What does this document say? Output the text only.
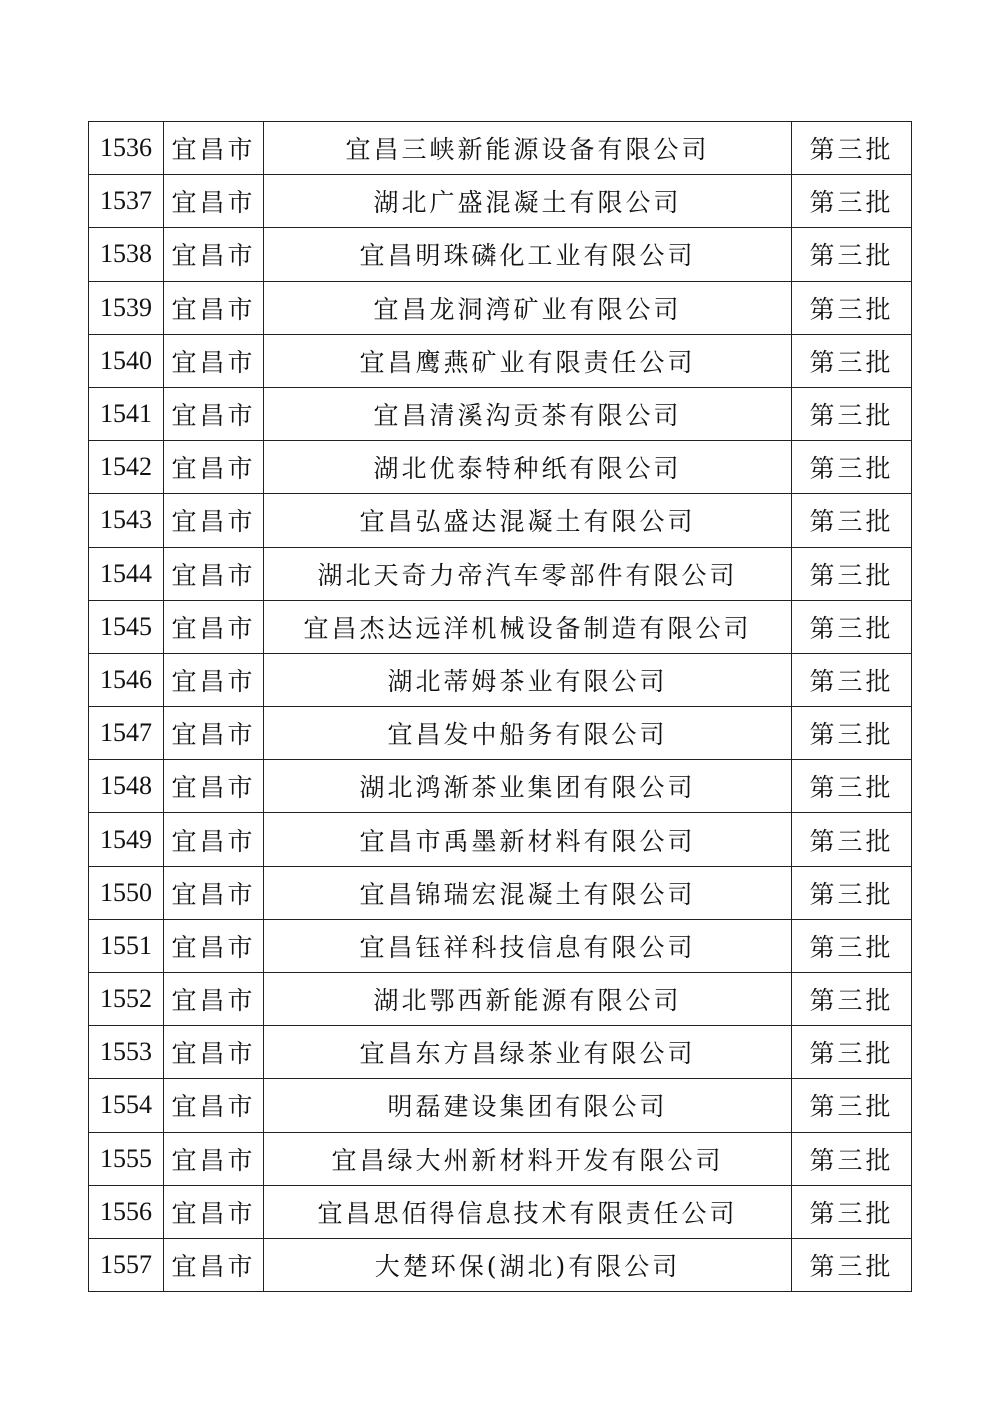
1536	宜昌市	宜昌三峡新能源设备有限公司	第三批
1537	宜昌市	湖北广盛混凝土有限公司	第三批
1538	宜昌市	宜昌明珠磷化工业有限公司	第三批
1539	宜昌市	宜昌龙洞湾矿业有限公司	第三批
1540	宜昌市	宜昌鹰燕矿业有限责任公司	第三批
1541	宜昌市	宜昌清溪沟贡茶有限公司	第三批
1542	宜昌市	湖北优泰特种纸有限公司	第三批
1543	宜昌市	宜昌弘盛达混凝土有限公司	第三批
1544	宜昌市	湖北天奇力帝汽车零部件有限公司	第三批
1545	宜昌市	宜昌杰达远洋机械设备制造有限公司	第三批
1546	宜昌市	湖北蒂姆茶业有限公司	第三批
1547	宜昌市	宜昌发中船务有限公司	第三批
1548	宜昌市	湖北鸿渐茶业集团有限公司	第三批
1549	宜昌市	宜昌市禹墨新材料有限公司	第三批
1550	宜昌市	宜昌锦瑞宏混凝土有限公司	第三批
1551	宜昌市	宜昌钰祥科技信息有限公司	第三批
1552	宜昌市	湖北鄂西新能源有限公司	第三批
1553	宜昌市	宜昌东方昌绿茶业有限公司	第三批
1554	宜昌市	明磊建设集团有限公司	第三批
1555	宜昌市	宜昌绿大州新材料开发有限公司	第三批
1556	宜昌市	宜昌思佰得信息技术有限责任公司	第三批
1557	宜昌市	大楚环保(湖北)有限公司	第三批
